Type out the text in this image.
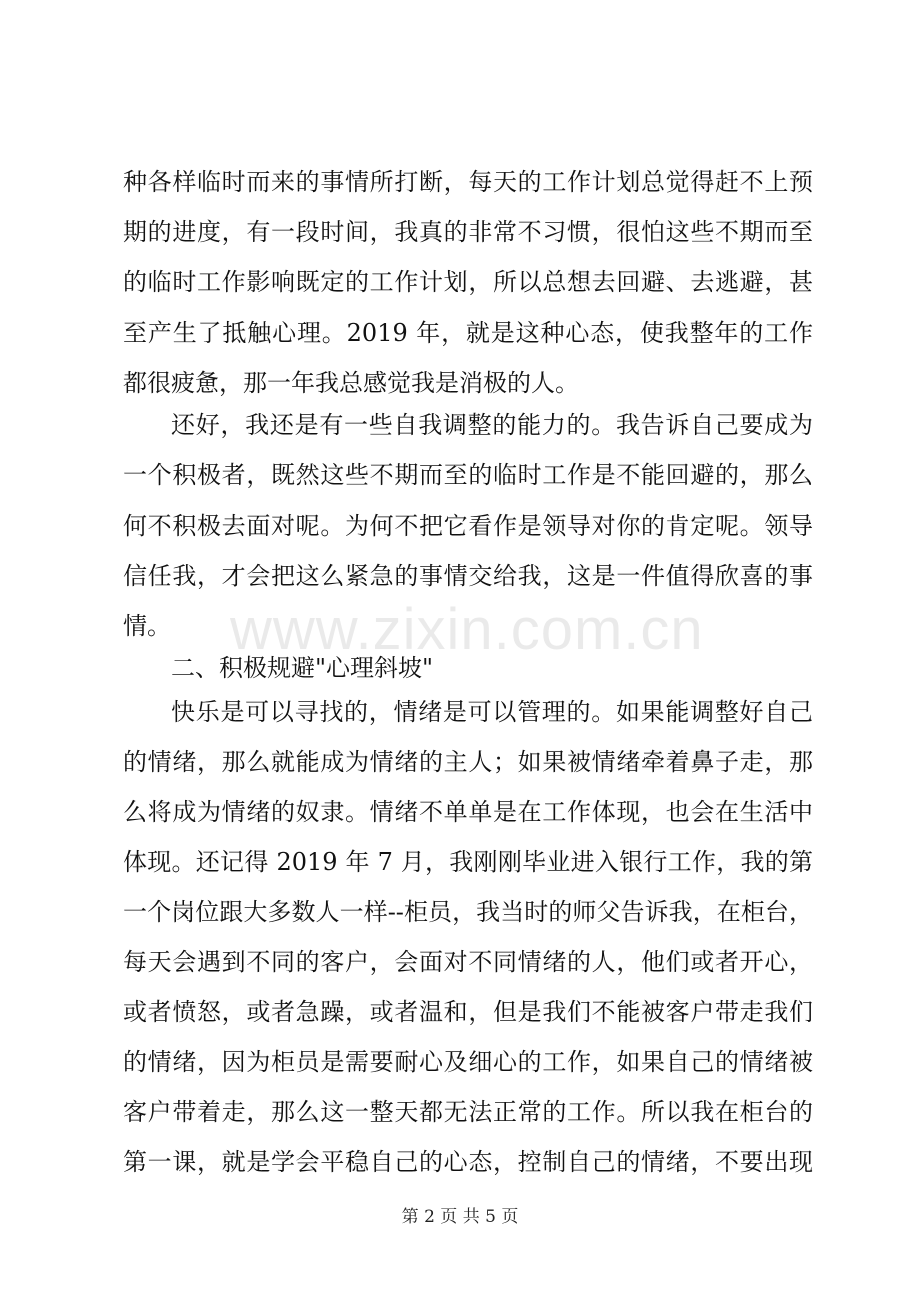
种各样临时而来的事情所打断，每天的工作计划总觉得赶不上预
期的进度，有一段时间，我真的非常不习惯，很怕这些不期而至
的临时工作影响既定的工作计划，所以总想去回避、去逃避，甚
至产生了抵触心理。2019 年，就是这种心态，使我整年的工作
都很疲惫，那一年我总感觉我是消极的人。
还好，我还是有一些自我调整的能力的。我告诉自己要成为
一个积极者，既然这些不期而至的临时工作是不能回避的，那么
何不积极去面对呢。为何不把它看作是领导对你的肯定呢。领导
信任我，才会把这么紧急的事情交给我，这是一件值得欣喜的事
情。	www.zixin.com.cn
二、积极规避"心理斜坡"
快乐是可以寻找的，情绪是可以管理的。如果能调整好自己
的情绪，那么就能成为情绪的主人；如果被情绪牵着鼻子走，那
么将成为情绪的奴隶。情绪不单单是在工作体现，也会在生活中
体现。还记得 2019 年 7 月，我刚刚毕业进入银行工作，我的第
一个岗位跟大多数人一样--柜员，我当时的师父告诉我，在柜台，
每天会遇到不同的客户，会面对不同情绪的人，他们或者开心，
或者愤怒，或者急躁，或者温和，但是我们不能被客户带走我们
的情绪，因为柜员是需要耐心及细心的工作，如果自己的情绪被
客户带着走，那么这一整天都无法正常的工作。所以我在柜台的
第一课，就是学会平稳自己的心态，控制自己的情绪，不要出现
第 2 页 共 5 页
